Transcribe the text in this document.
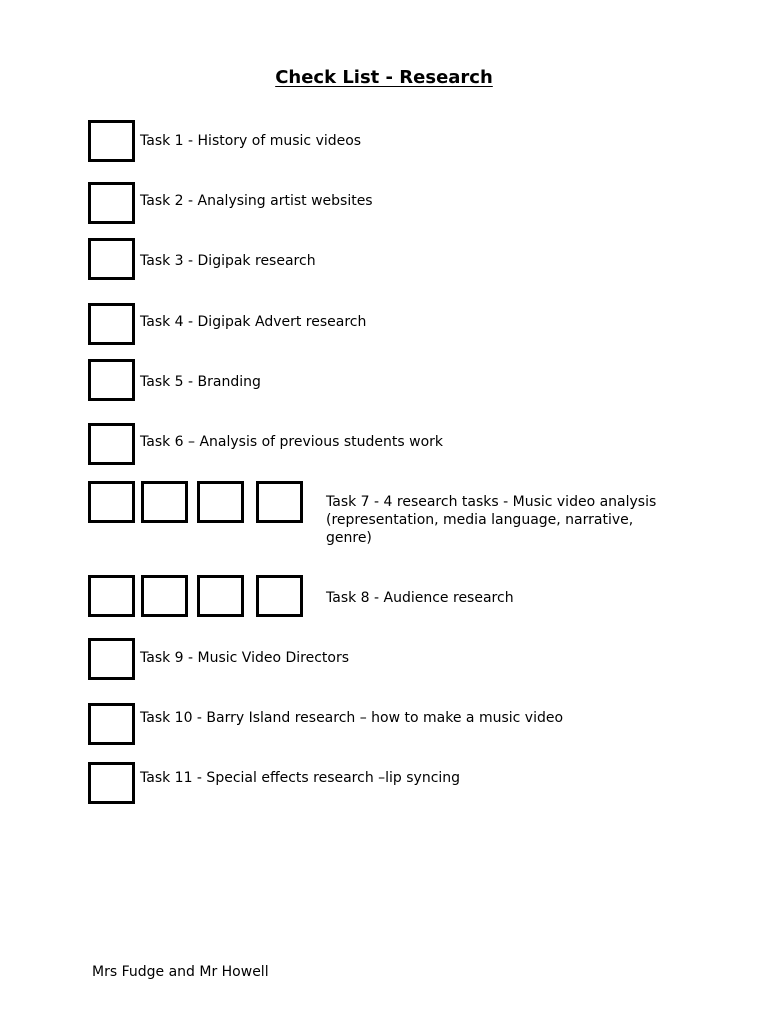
Check List - Research
Task 1 - History of music videos
Task 2 - Analysing artist websites
Task 3 - Digipak research
Task 4 - Digipak Advert research
Task 5 - Branding
Task 6 – Analysis of previous students work
Task 7 - 4 research tasks - Music video analysis (representation, media language, narrative, genre)
Task 8 - Audience research
Task 9 - Music Video Directors
Task 10 - Barry Island research – how to make a music video
Task 11 - Special effects research –lip syncing
Mrs Fudge and Mr Howell
